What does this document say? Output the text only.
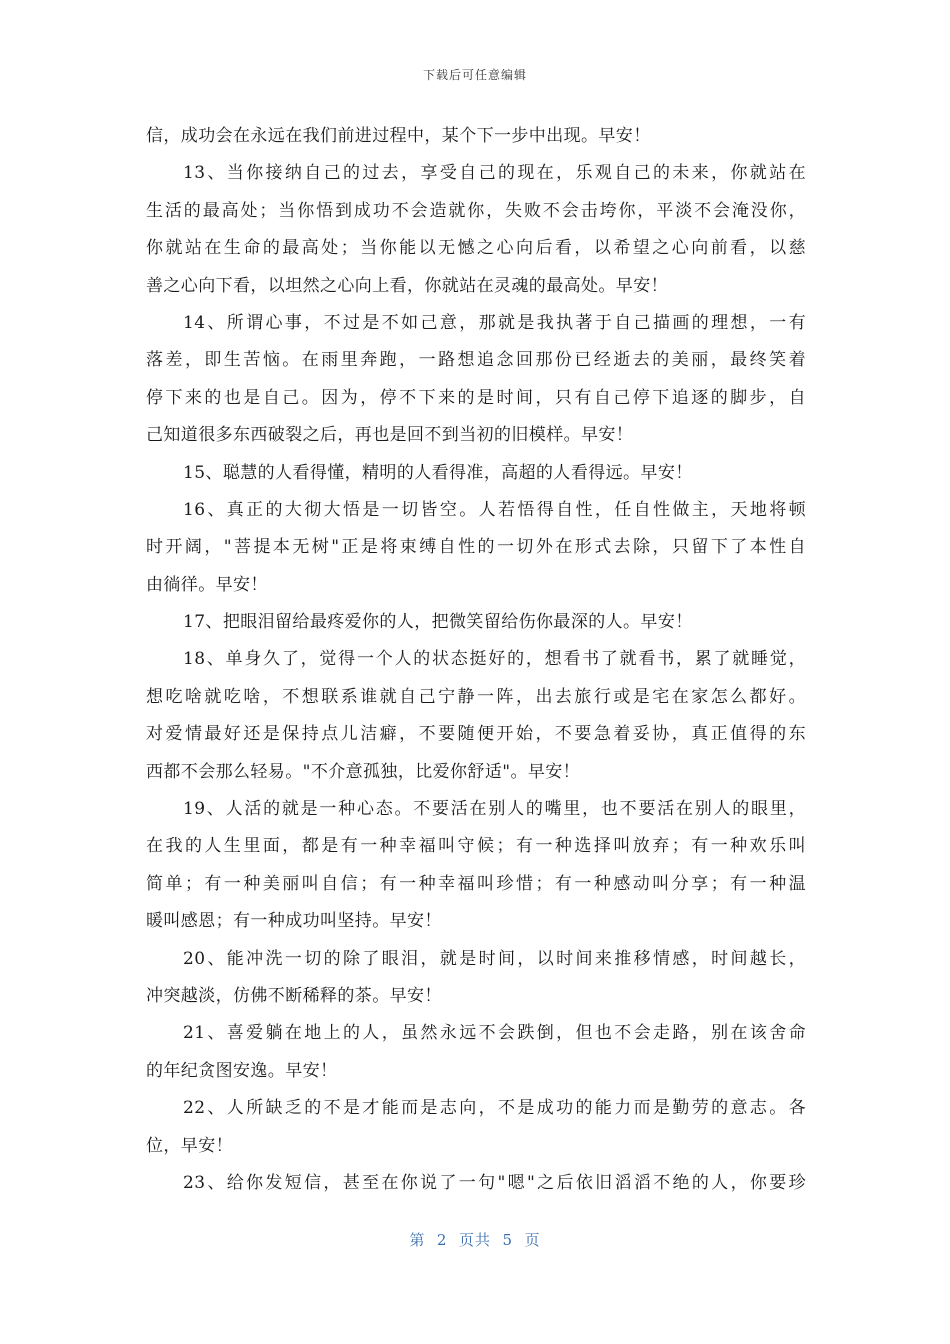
下载后可任意编辑
信，成功会在永远在我们前进过程中，某个下一步中出现。早安！
13、当你接纳自己的过去，享受自己的现在，乐观自己的未来，你就站在
生活的最高处；当你悟到成功不会造就你，失败不会击垮你，平淡不会淹没你，
你就站在生命的最高处；当你能以无憾之心向后看，以希望之心向前看，以慈
善之心向下看，以坦然之心向上看，你就站在灵魂的最高处。早安！
14、所谓心事，不过是不如己意，那就是我执著于自己描画的理想，一有
落差，即生苦恼。在雨里奔跑，一路想追念回那份已经逝去的美丽，最终笑着
停下来的也是自己。因为，停不下来的是时间，只有自己停下追逐的脚步，自
己知道很多东西破裂之后，再也是回不到当初的旧模样。早安！
15、聪慧的人看得懂，精明的人看得准，高超的人看得远。早安！
16、真正的大彻大悟是一切皆空。人若悟得自性，任自性做主，天地将顿
时开阔，"菩提本无树"正是将束缚自性的一切外在形式去除，只留下了本性自
由徜徉。早安！
17、把眼泪留给最疼爱你的人，把微笑留给伤你最深的人。早安！
18、单身久了，觉得一个人的状态挺好的，想看书了就看书，累了就睡觉，
想吃啥就吃啥，不想联系谁就自己宁静一阵，出去旅行或是宅在家怎么都好。
对爱情最好还是保持点儿洁癖，不要随便开始，不要急着妥协，真正值得的东
西都不会那么轻易。"不介意孤独，比爱你舒适"。早安！
19、人活的就是一种心态。不要活在别人的嘴里，也不要活在别人的眼里，
在我的人生里面，都是有一种幸福叫守候；有一种选择叫放弃；有一种欢乐叫
简单；有一种美丽叫自信；有一种幸福叫珍惜；有一种感动叫分享；有一种温
暖叫感恩；有一种成功叫坚持。早安！
20、能冲洗一切的除了眼泪，就是时间，以时间来推移情感，时间越长，
冲突越淡，仿佛不断稀释的茶。早安！
21、喜爱躺在地上的人，虽然永远不会跌倒，但也不会走路，别在该舍命
的年纪贪图安逸。早安！
22、人所缺乏的不是才能而是志向，不是成功的能力而是勤劳的意志。各
位，早安！
23、给你发短信，甚至在你说了一句"嗯"之后依旧滔滔不绝的人，你要珍
第  2  页共  5  页
